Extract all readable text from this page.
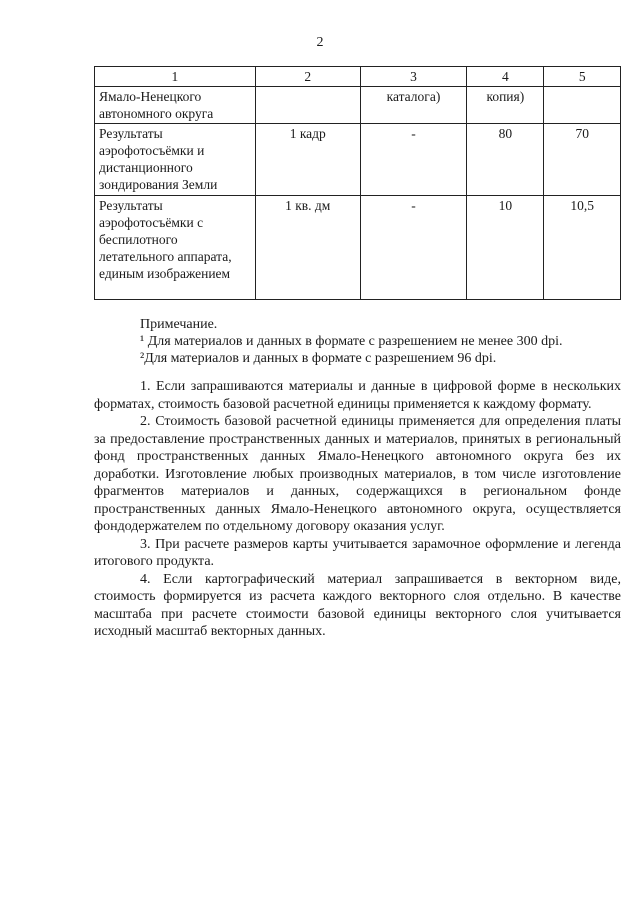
2
1	2	3	4	5
Ямало-Ненецкого автономного округа		каталога)	копия)	
Результаты аэрофотосъёмки и дистанционного зондирования Земли	1 кадр	-	80	70
Результаты аэрофотосъёмки с беспилотного летательного аппарата, единым изображением	1 кв. дм	-	10	10,5
Примечание.
¹ Для материалов и данных в формате с разрешением не менее 300 dpi.
²Для материалов и данных в формате с разрешением 96 dpi.

1. Если запрашиваются материалы и данные в цифровой форме в нескольких форматах, стоимость базовой расчетной единицы применяется к каждому формату.

2. Стоимость базовой расчетной единицы применяется для определения платы за предоставление пространственных данных и материалов, принятых в региональный фонд пространственных данных Ямало-Ненецкого автономного округа без их доработки. Изготовление любых производных материалов, в том числе изготовление фрагментов материалов и данных, содержащихся в региональном фонде пространственных данных Ямало-Ненецкого автономного округа, осуществляется фондодержателем по отдельному договору оказания услуг.

3. При расчете размеров карты учитывается зарамочное оформление и легенда итогового продукта.

4. Если картографический материал запрашивается в векторном виде, стоимость формируется из расчета каждого векторного слоя отдельно. В качестве масштаба при расчете стоимости базовой единицы векторного слоя учитывается исходный масштаб векторных данных.
